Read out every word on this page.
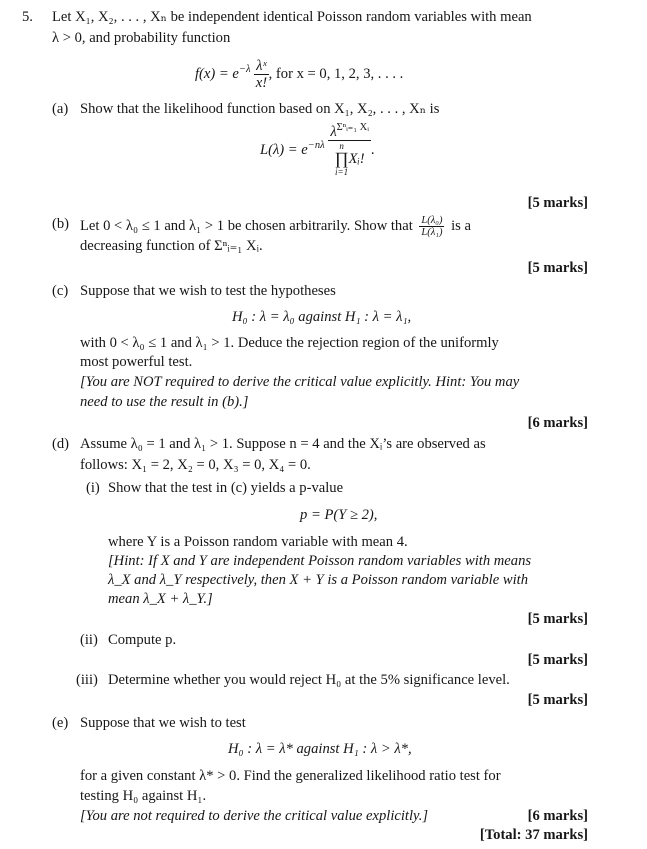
5. Let X₁, X₂, . . . , Xₙ be independent identical Poisson random variables with mean
λ > 0, and probability function
$f(x) = e^{-\lambda} \frac{\text{λˣ}}{x!}$ , for x = 0, 1, 2, 3, . . . .
(a) Show that the likelihood function based on X₁, X₂, . . . , Xₙ is
$L(\lambda) = e^{-n\lambda}$ $\lambda^{\Sigma^nᵢ_{=1} Xᵢ}$
n
∏
i=1
Xᵢ! .
[5 marks]
(b) Let 0 < λ₀ ≤ 1 and λ₁ > 1 be chosen arbitrarily. Show that $\frac{\text{L(λ₀)}}{\text{L(λ₁)}}$ is a
decreasing function of Σⁿᵢ₌₁ Xᵢ.
[5 marks]
(c) Suppose that we wish to test the hypotheses
H₀ : λ = λ₀ against H₁ : λ = λ₁,
with 0 < λ₀ ≤ 1 and λ₁ > 1. Deduce the rejection region of the uniformly
most powerful test.
[You are NOT required to derive the critical value explicitly. Hint: You may
need to use the result in (b).]
[6 marks]
(d) Assume λ₀ = 1 and λ₁ > 1. Suppose n = 4 and the Xᵢ’s are observed as
follows: X₁ = 2, X₂ = 0, X₃ = 0, X₄ = 0.
(i) Show that the test in (c) yields a p-value
p = P(Y ≥ 2),
where Y is a Poisson random variable with mean 4.
[Hint: If X and Y are independent Poisson random variables with means
λ_X and λ_Y respectively, then X + Y is a Poisson random variable with
mean λ_X + λ_Y.]
[5 marks]
(ii) Compute p.
[5 marks]
(iii) Determine whether you would reject H₀ at the 5% significance level.
[5 marks]
(e) Suppose that we wish to test
H₀ : λ = λ* against H₁ : λ > λ*,
for a given constant λ* > 0. Find the generalized likelihood ratio test for
testing H₀ against H₁.
[You are not required to derive the critical value explicitly.]	[6 marks]
[Total: 37 marks]
